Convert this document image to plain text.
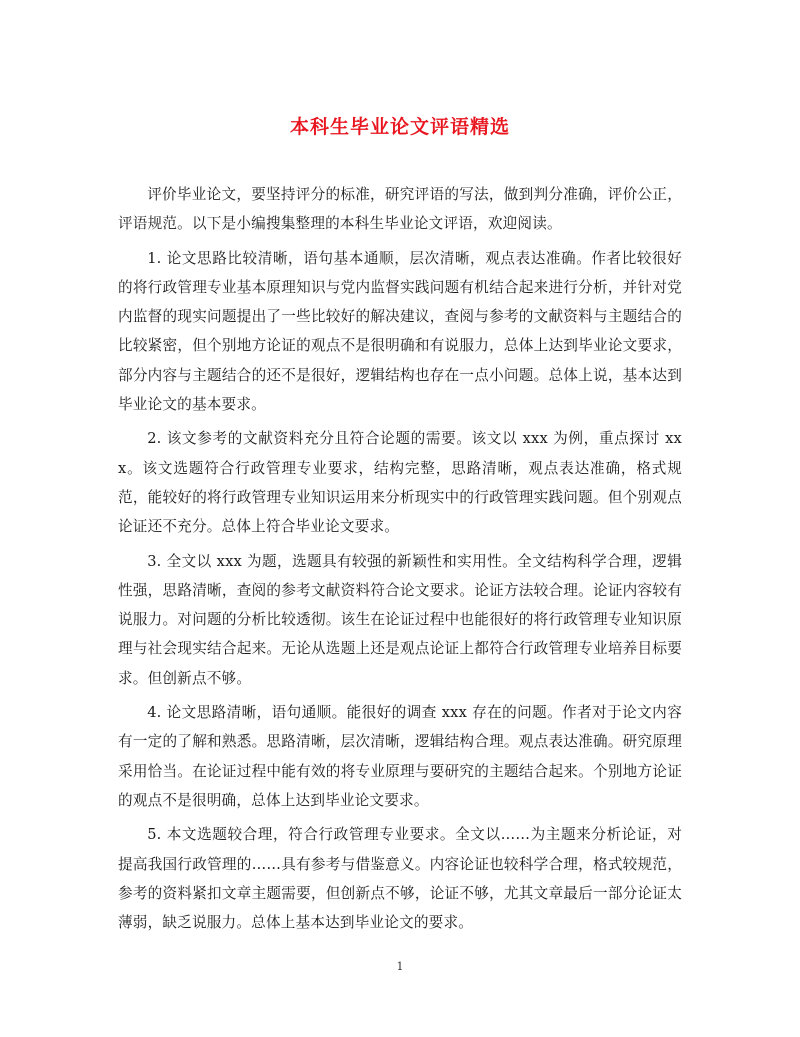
本科生毕业论文评语精选

评价毕业论文，要坚持评分的标准，研究评语的写法，做到判分准确，评价公正，评语规范。以下是小编搜集整理的本科生毕业论文评语，欢迎阅读。

1. 论文思路比较清晰，语句基本通顺，层次清晰，观点表达准确。作者比较很好的将行政管理专业基本原理知识与党内监督实践问题有机结合起来进行分析，并针对党内监督的现实问题提出了一些比较好的解决建议，查阅与参考的文献资料与主题结合的比较紧密，但个别地方论证的观点不是很明确和有说服力，总体上达到毕业论文要求，部分内容与主题结合的还不是很好，逻辑结构也存在一点小问题。总体上说，基本达到毕业论文的基本要求。

2. 该文参考的文献资料充分且符合论题的需要。该文以 xxx 为例，重点探讨 xxx。该文选题符合行政管理专业要求，结构完整，思路清晰，观点表达准确，格式规范，能较好的将行政管理专业知识运用来分析现实中的行政管理实践问题。但个别观点论证还不充分。总体上符合毕业论文要求。

3. 全文以 xxx 为题，选题具有较强的新颖性和实用性。全文结构科学合理，逻辑性强，思路清晰，查阅的参考文献资料符合论文要求。论证方法较合理。论证内容较有说服力。对问题的分析比较透彻。该生在论证过程中也能很好的将行政管理专业知识原理与社会现实结合起来。无论从选题上还是观点论证上都符合行政管理专业培养目标要求。但创新点不够。

4. 论文思路清晰，语句通顺。能很好的调查 xxx 存在的问题。作者对于论文内容有一定的了解和熟悉。思路清晰，层次清晰，逻辑结构合理。观点表达准确。研究原理采用恰当。在论证过程中能有效的将专业原理与要研究的主题结合起来。个别地方论证的观点不是很明确，总体上达到毕业论文要求。

5. 本文选题较合理，符合行政管理专业要求。全文以……为主题来分析论证，对提高我国行政管理的……具有参考与借鉴意义。内容论证也较科学合理，格式较规范，参考的资料紧扣文章主题需要，但创新点不够，论证不够，尤其文章最后一部分论证太薄弱，缺乏说服力。总体上基本达到毕业论文的要求。

1
